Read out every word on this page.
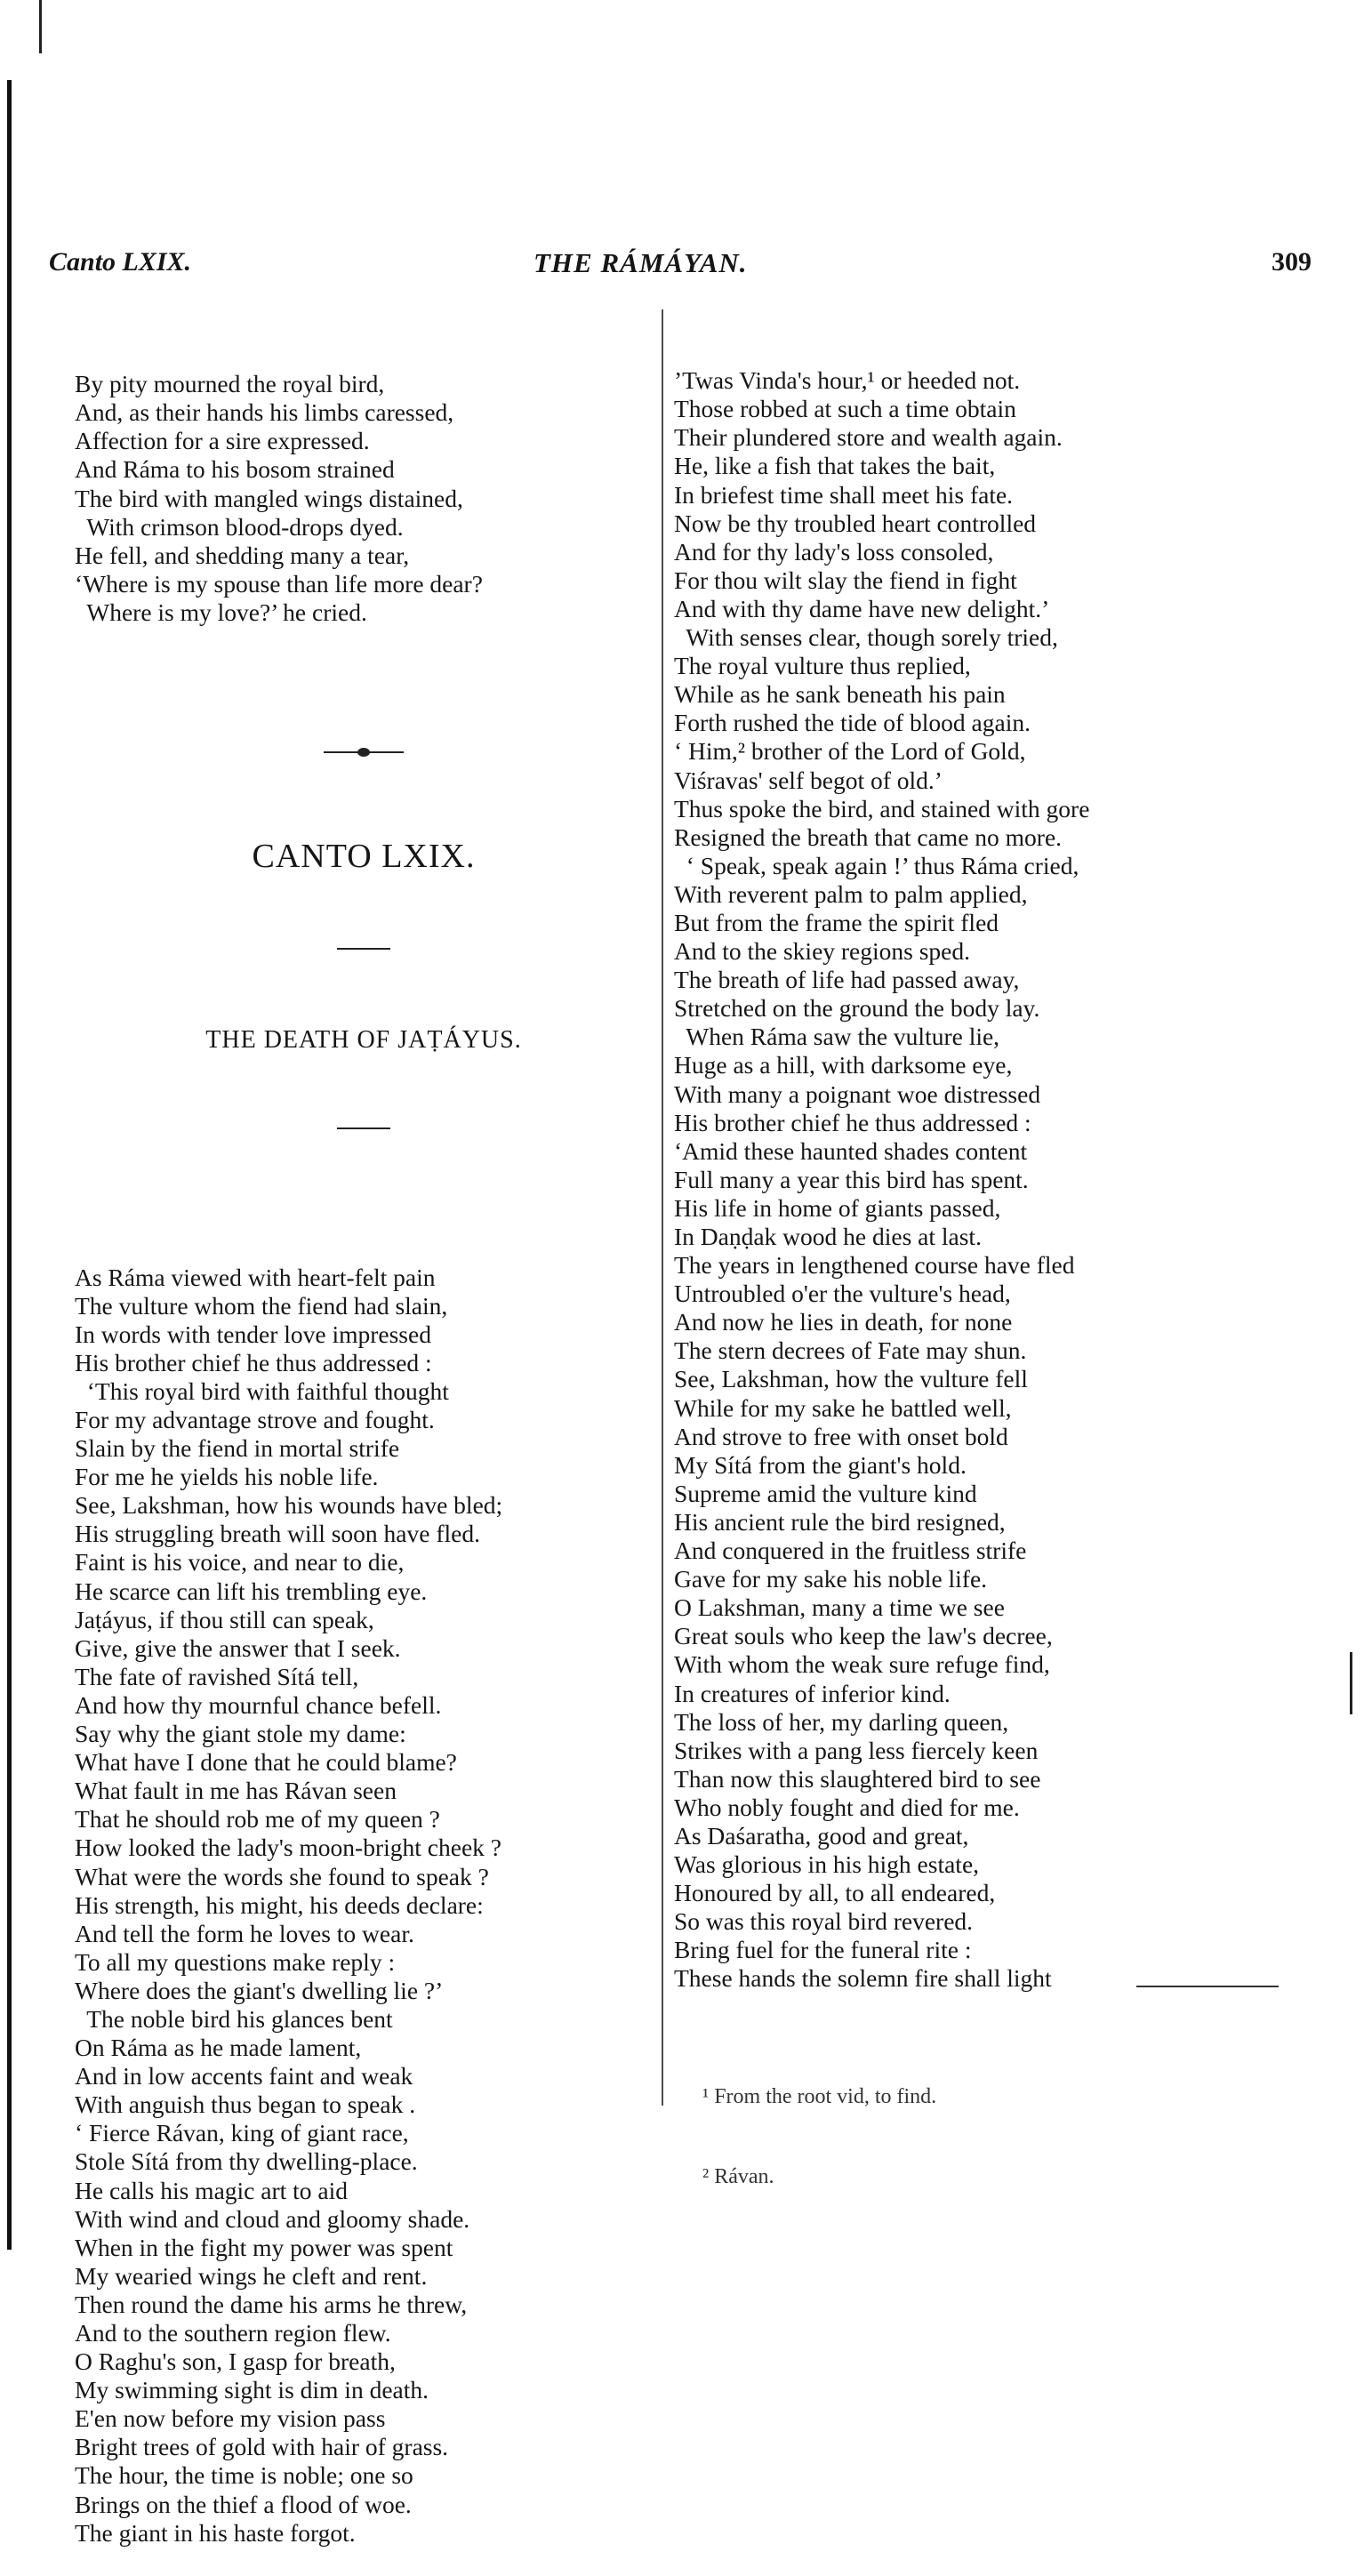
Canto LXIX.	THE RÁMÁYAN.	309

By pity mourned the royal bird,
And, as their hands his limbs caressed,
Affection for a sire expressed.
And Ráma to his bosom strained
The bird with mangled wings distained,
With crimson blood-drops dyed.
He fell, and shedding many a tear,
‘Where is my spouse than life more dear?
Where is my love?’ he cried.

CANTO LXIX.

THE DEATH OF JAṬÁYUS.

As Ráma viewed with heart-felt pain
The vulture whom the fiend had slain,
In words with tender love impressed
His brother chief he thus addressed :
‘This royal bird with faithful thought
For my advantage strove and fought.
Slain by the fiend in mortal strife
For me he yields his noble life.
See, Lakshman, how his wounds have bled;
His struggling breath will soon have fled.
Faint is his voice, and near to die,
He scarce can lift his trembling eye.
Jaṭáyus, if thou still can speak,
Give, give the answer that I seek.
The fate of ravished Sítá tell,
And how thy mournful chance befell.
Say why the giant stole my dame:
What have I done that he could blame?
What fault in me has Rávan seen
That he should rob me of my queen ?
How looked the lady's moon-bright cheek ?
What were the words she found to speak ?
His strength, his might, his deeds declare:
And tell the form he loves to wear.
To all my questions make reply :
Where does the giant's dwelling lie ?’
The noble bird his glances bent
On Ráma as he made lament,
And in low accents faint and weak
With anguish thus began to speak .
‘ Fierce Rávan, king of giant race,
Stole Sítá from thy dwelling-place.
He calls his magic art to aid
With wind and cloud and gloomy shade.
When in the fight my power was spent
My wearied wings he cleft and rent.
Then round the dame his arms he threw,
And to the southern region flew.
O Raghu's son, I gasp for breath,
My swimming sight is dim in death.
E'en now before my vision pass
Bright trees of gold with hair of grass.
The hour, the time is noble; one so
Brings on the thief a flood of woe.
The giant in his haste forgot.

’Twas Vinda's hour,¹ or heeded not.
Those robbed at such a time obtain
Their plundered store and wealth again.
He, like a fish that takes the bait,
In briefest time shall meet his fate.
Now be thy troubled heart controlled
And for thy lady's loss consoled,
For thou wilt slay the fiend in fight
And with thy dame have new delight.’
With senses clear, though sorely tried,
The royal vulture thus replied,
While as he sank beneath his pain
Forth rushed the tide of blood again.
‘ Him,² brother of the Lord of Gold,
Viśravas' self begot of old.’
Thus spoke the bird, and stained with gore
Resigned the breath that came no more.
‘ Speak, speak again !’ thus Ráma cried,
With reverent palm to palm applied,
But from the frame the spirit fled
And to the skiey regions sped.
The breath of life had passed away,
Stretched on the ground the body lay.
When Ráma saw the vulture lie,
Huge as a hill, with darksome eye,
With many a poignant woe distressed
His brother chief he thus addressed :
‘Amid these haunted shades content
Full many a year this bird has spent.
His life in home of giants passed,
In Daṇḍak wood he dies at last.
The years in lengthened course have fled
Untroubled o'er the vulture's head,
And now he lies in death, for none
The stern decrees of Fate may shun.
See, Lakshman, how the vulture fell
While for my sake he battled well,
And strove to free with onset bold
My Sítá from the giant's hold.
Supreme amid the vulture kind
His ancient rule the bird resigned,
And conquered in the fruitless strife
Gave for my sake his noble life.
O Lakshman, many a time we see
Great souls who keep the law's decree,
With whom the weak sure refuge find,
In creatures of inferior kind.
The loss of her, my darling queen,
Strikes with a pang less fiercely keen
Than now this slaughtered bird to see
Who nobly fought and died for me.
As Daśaratha, good and great,
Was glorious in his high estate,
Honoured by all, to all endeared,
So was this royal bird revered.
Bring fuel for the funeral rite :
These hands the solemn fire shall light

¹ From the root vid, to find.

² Rávan.
